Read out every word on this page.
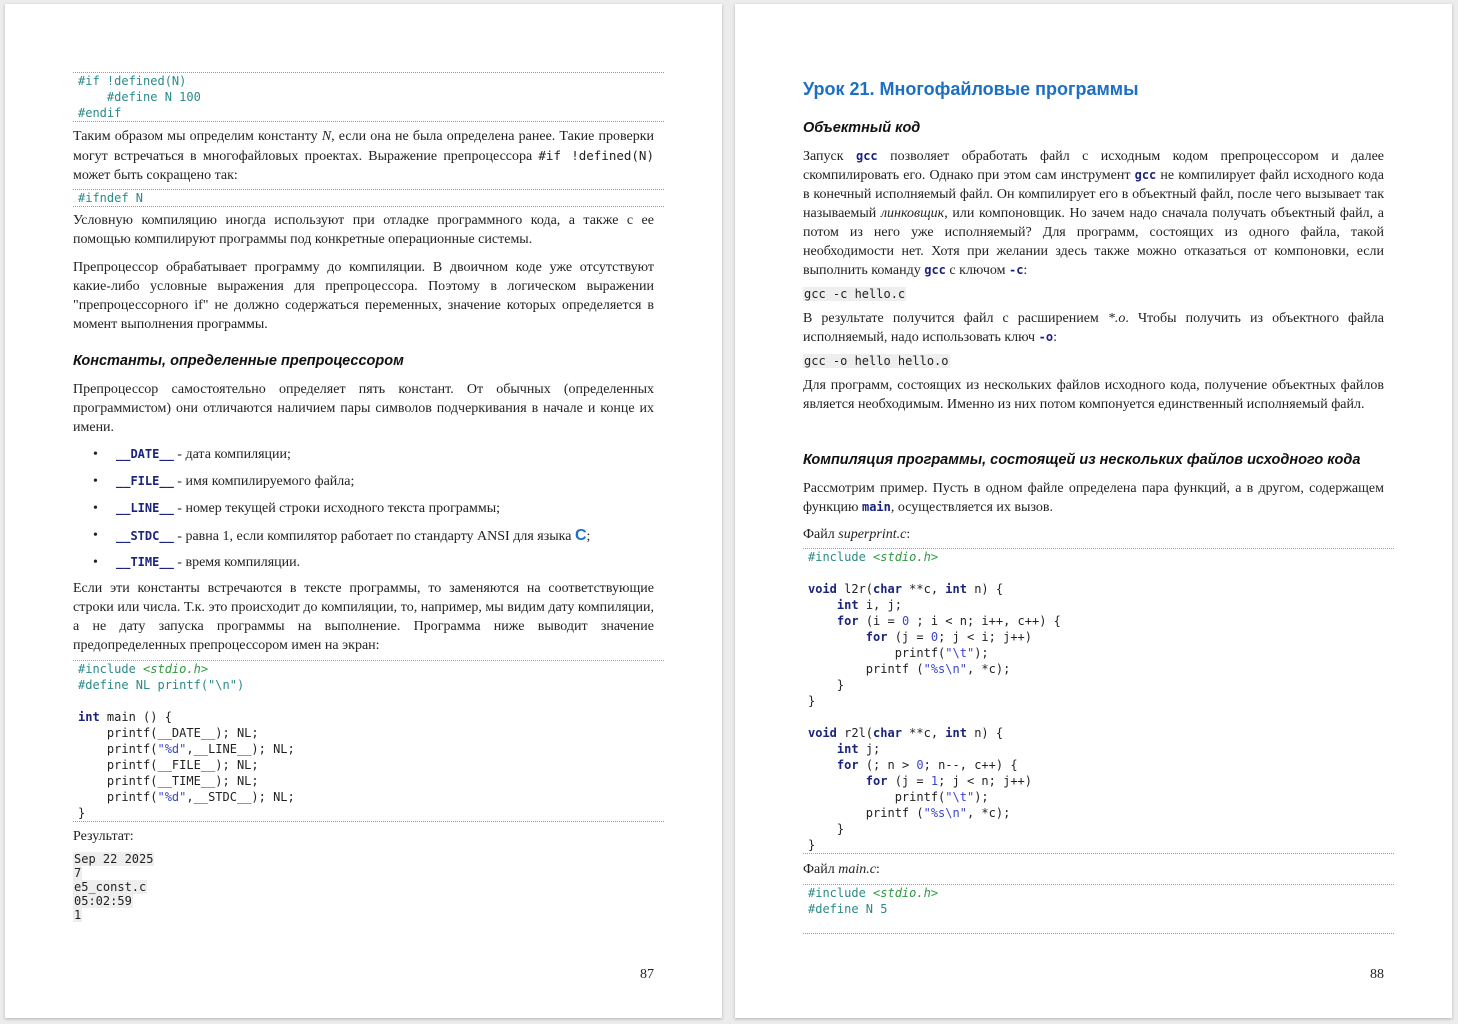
#if !defined(N)
#define N 100
#endif
Таким образом мы определим константу N, если она не была определена ранее. Такие проверки могут встречаться в многофайловых проектах. Выражение препроцессора #if !defined(N) может быть сокращено так:
#ifndef N
Условную компиляцию иногда используют при отладке программного кода, а также с ее помощью компилируют программы под конкретные операционные системы.
Препроцессор обрабатывает программу до компиляции. В двоичном коде уже отсутствуют какие-либо условные выражения для препроцессора. Поэтому в логическом выражении "препроцессорного if" не должно содержаться переменных, значение которых определяется в момент выполнения программы.
Константы, определенные препроцессором
Препроцессор самостоятельно определяет пять констант. От обычных (определенных программистом) они отличаются наличием пары символов подчеркивания в начале и конце их имени.
• __DATE__ - дата компиляции;
• __FILE__ - имя компилируемого файла;
• __LINE__ - номер текущей строки исходного текста программы;
• __STDC__ - равна 1, если компилятор работает по стандарту ANSI для языка C;
• __TIME__ - время компиляции.
Если эти константы встречаются в тексте программы, то заменяются на соответствующие строки или числа. Т.к. это происходит до компиляции, то, например, мы видим дату компиляции, а не дату запуска программы на выполнение. Программа ниже выводит значение предопределенных препроцессором имен на экран:
#include <stdio.h>
#define NL printf("\n")
int main () {
printf(__DATE__); NL;
printf("%d",__LINE__); NL;
printf(__FILE__); NL;
printf(__TIME__); NL;
printf("%d",__STDC__); NL;
}
Результат:
Sep 22 2025
7
e5_const.c
05:02:59
1
87
Урок 21. Многофайловые программы
Объектный код
Запуск gcc позволяет обработать файл с исходным кодом препроцессором и далее скомпилировать его. Однако при этом сам инструмент gcc не компилирует файл исходного кода в конечный исполняемый файл. Он компилирует его в объектный файл, после чего вызывает так называемый линковщик, или компоновщик. Но зачем надо сначала получать объектный файл, а потом из него уже исполняемый? Для программ, состоящих из одного файла, такой необходимости нет. Хотя при желании здесь также можно отказаться от компоновки, если выполнить команду gcc с ключом -c:
gcc -c hello.c
В результате получится файл с расширением *.o. Чтобы получить из объектного файла исполняемый, надо использовать ключ -o:
gcc -o hello hello.o
Для программ, состоящих из нескольких файлов исходного кода, получение объектных файлов является необходимым. Именно из них потом компонуется единственный исполняемый файл.
Компиляция программы, состоящей из нескольких файлов исходного кода
Рассмотрим пример. Пусть в одном файле определена пара функций, а в другом, содержащем функцию main, осуществляется их вызов.
Файл superprint.c:
#include <stdio.h>
void l2r(char **c, int n) {
int i, j;
for (i = 0 ; i < n; i++, c++) {
for (j = 0; j < i; j++)
printf("\t");
printf ("%s\n", *c);
}
}
void r2l(char **c, int n) {
int j;
for (; n > 0; n--, c++) {
for (j = 1; j < n; j++)
printf("\t");
printf ("%s\n", *c);
}
}
Файл main.c:
#include <stdio.h>
#define N 5
88
